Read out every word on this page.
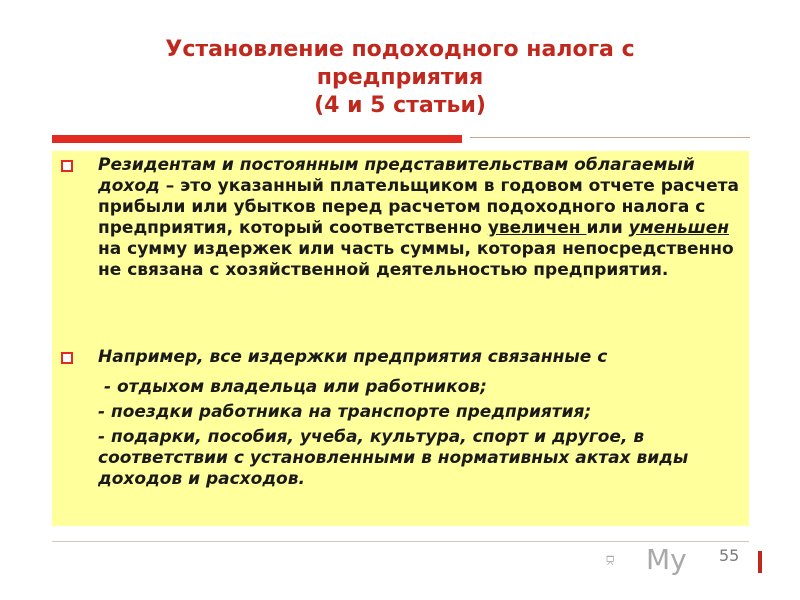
Установление подоходного налога с
предприятия
(4 и 5 статьи)
Резидентам и постоянным представительствам облагаемый доход – это указанный плательщиком в годовом отчете расчета прибыли или убытков перед расчетом подоходного налога с предприятия, который соответственно увеличен или уменьшен на сумму издержек или часть суммы, которая непосредственно не связана с хозяйственной деятельностью предприятия.
Например, все издержки предприятия связанные с
- отдыхом владельца или работников;
- поездки работника на транспорте предприятия;
- подарки, пособия, учеба, культура, спорт и другое, в соответствии с установленными в нормативных актах виды доходов и расходов.
My 55
